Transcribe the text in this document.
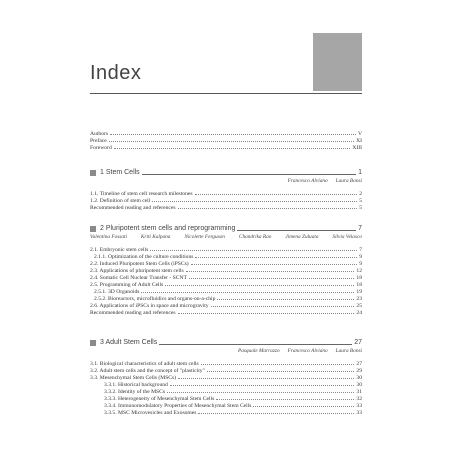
Index
Authors	V
Preface	XI
Foreword	XIII
1 Stem Cells	1
Francesco Alviano Laura Bonsi
1.1. Timeline of stem cell research milestones	2
1.2. Definition of stem cell	5
Recommended reading and references	5
2 Pluripotent stem cells and reprogramming	7
Valentina Fossati	Kriti Kalpana	Nicolette Ferguson	Chandrika Rao	Jimena Zuluata	Silvia Velasco
2.1. Embryonic stem cells	7
2.1.1. Optimization of the culture conditions	9
2.2. Induced Pluripotent Stem Cells (iPSCs)	9
2.3. Applications of pluripotent stem cells	12
2.4. Somatic Cell Nuclear Transfer - SCNT	18
2.5. Programming of Adult Cells	18
2.5.1. 3D Organoids	19
2.5.2. Bioreactors, microfluidics and organs-on-a-chip	23
2.6. Applications of iPSCs in space and microgravity	25
Recommended reading and references	24
3 Adult Stem Cells	27
Pasquale Marrazzo Francesco Alviano Laura Bonsi
3.1. Biological characteristics of adult stem cells	27
3.2. Adult stem cells and the concept of "plasticity"	29
3.3. Mesenchymal Stem Cells (MSCs)	30
3.3.1. Historical background	30
3.3.2. Identity of the MSCs	31
3.3.3. Heterogeneity of Mesenchymal Stem Cells	32
3.3.4. Immunomodulatory Properties of Mesenchymal Stem Cells	33
3.3.5. MSC Microvesicles and Exosomes	33
